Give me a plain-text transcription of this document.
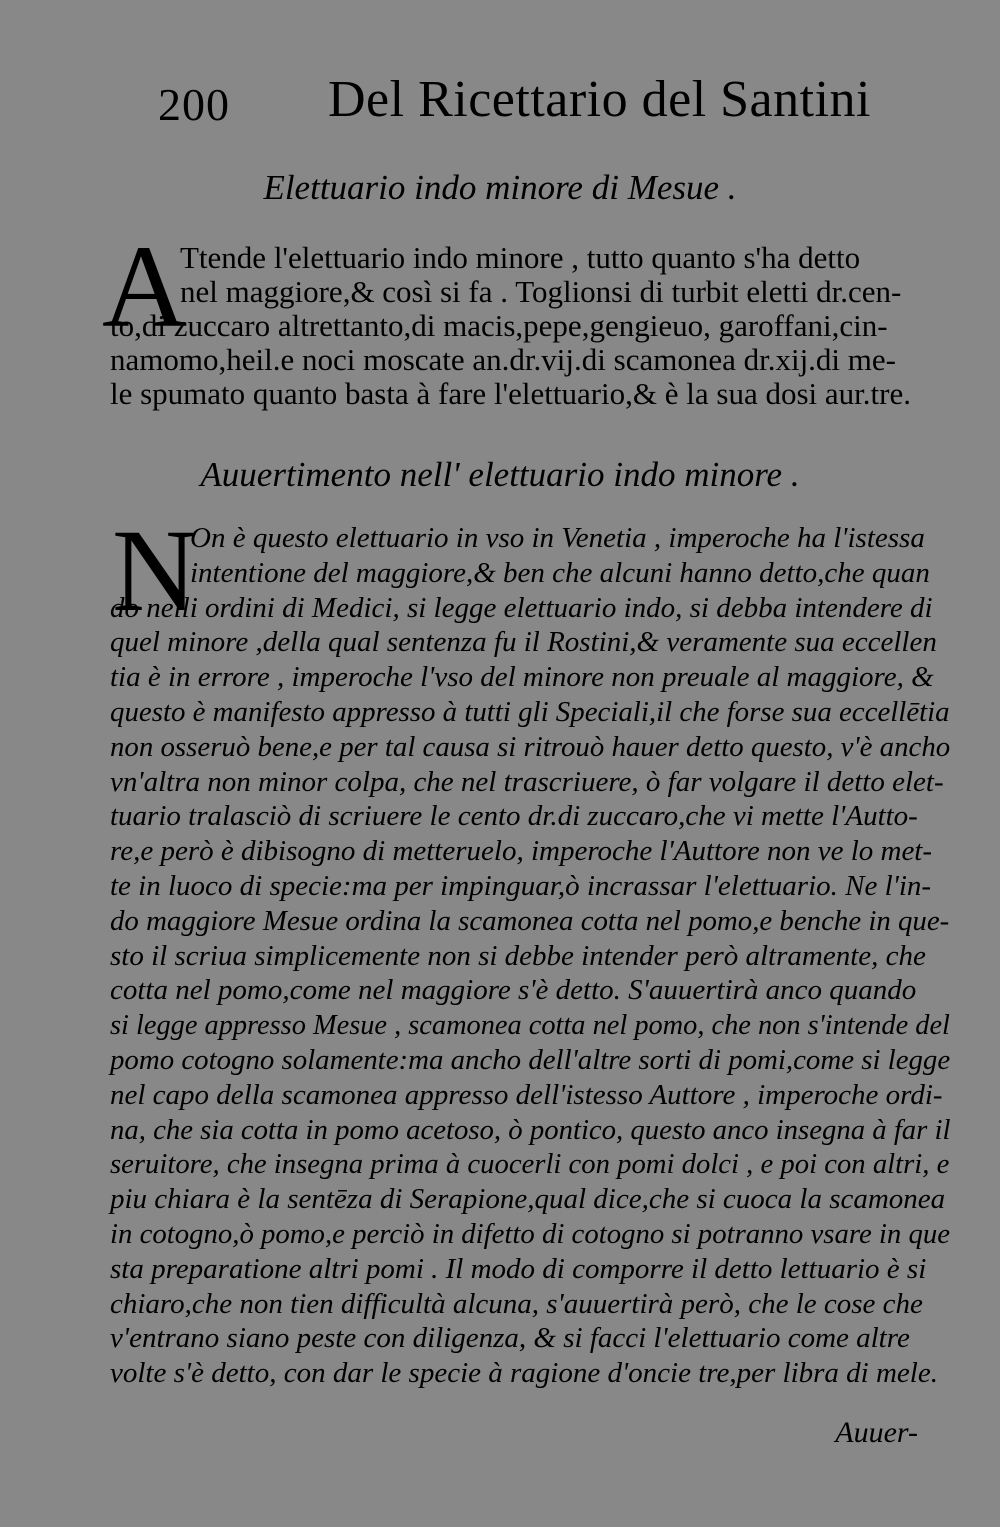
200 Del Ricettario del Santini
Elettuario indo minore di Mesue .
A
Ttende l'elettuario indo minore , tutto quanto s'ha detto
nel maggiore,& così si fa . Toglionsi di turbit eletti dr.cen-
to,di zuccaro altrettanto,di macis,pepe,gengieuo, garoffani,cin-
namomo,heil.e noci moscate an.dr.vij.di scamonea dr.xij.di me-
le spumato quanto basta à fare l'elettuario,& è la sua dosi aur.tre.
Auuertimento nell' elettuario indo minore .
N
On è questo elettuario in vso in Venetia , imperoche ha l'istessa
intentione del maggiore,& ben che alcuni hanno detto,che quan
do nelli ordini di Medici, si legge elettuario indo, si debba intendere di
quel minore ,della qual sentenza fu il Rostini,& veramente sua eccellen
tia è in errore , imperoche l'vso del minore non preuale al maggiore, &
questo è manifesto appresso à tutti gli Speciali,il che forse sua eccellētia
non osseruò bene,e per tal causa si ritrouò hauer detto questo, v'è ancho
vn'altra non minor colpa, che nel trascriuere, ò far volgare il detto elet-
tuario tralasciò di scriuere le cento dr.di zuccaro,che vi mette l'Autto-
re,e però è dibisogno di metteruelo, imperoche l'Auttore non ve lo met-
te in luoco di specie:ma per impinguar,ò incrassar l'elettuario. Ne l'in-
do maggiore Mesue ordina la scamonea cotta nel pomo,e benche in que-
sto il scriua simplicemente non si debbe intender però altramente, che
cotta nel pomo,come nel maggiore s'è detto. S'auuertirà anco quando
si legge appresso Mesue , scamonea cotta nel pomo, che non s'intende del
pomo cotogno solamente:ma ancho dell'altre sorti di pomi,come si legge
nel capo della scamonea appresso dell'istesso Auttore , imperoche ordi-
na, che sia cotta in pomo acetoso, ò pontico, questo anco insegna à far il
seruitore, che insegna prima à cuocerli con pomi dolci , e poi con altri, e
piu chiara è la sentēza di Serapione,qual dice,che si cuoca la scamonea
in cotogno,ò pomo,e perciò in difetto di cotogno si potranno vsare in que
sta preparatione altri pomi . Il modo di comporre il detto lettuario è si
chiaro,che non tien difficultà alcuna, s'auuertirà però, che le cose che
v'entrano siano peste con diligenza, & si facci l'elettuario come altre
volte s'è detto, con dar le specie à ragione d'oncie tre,per libra di mele.
Auuer-
